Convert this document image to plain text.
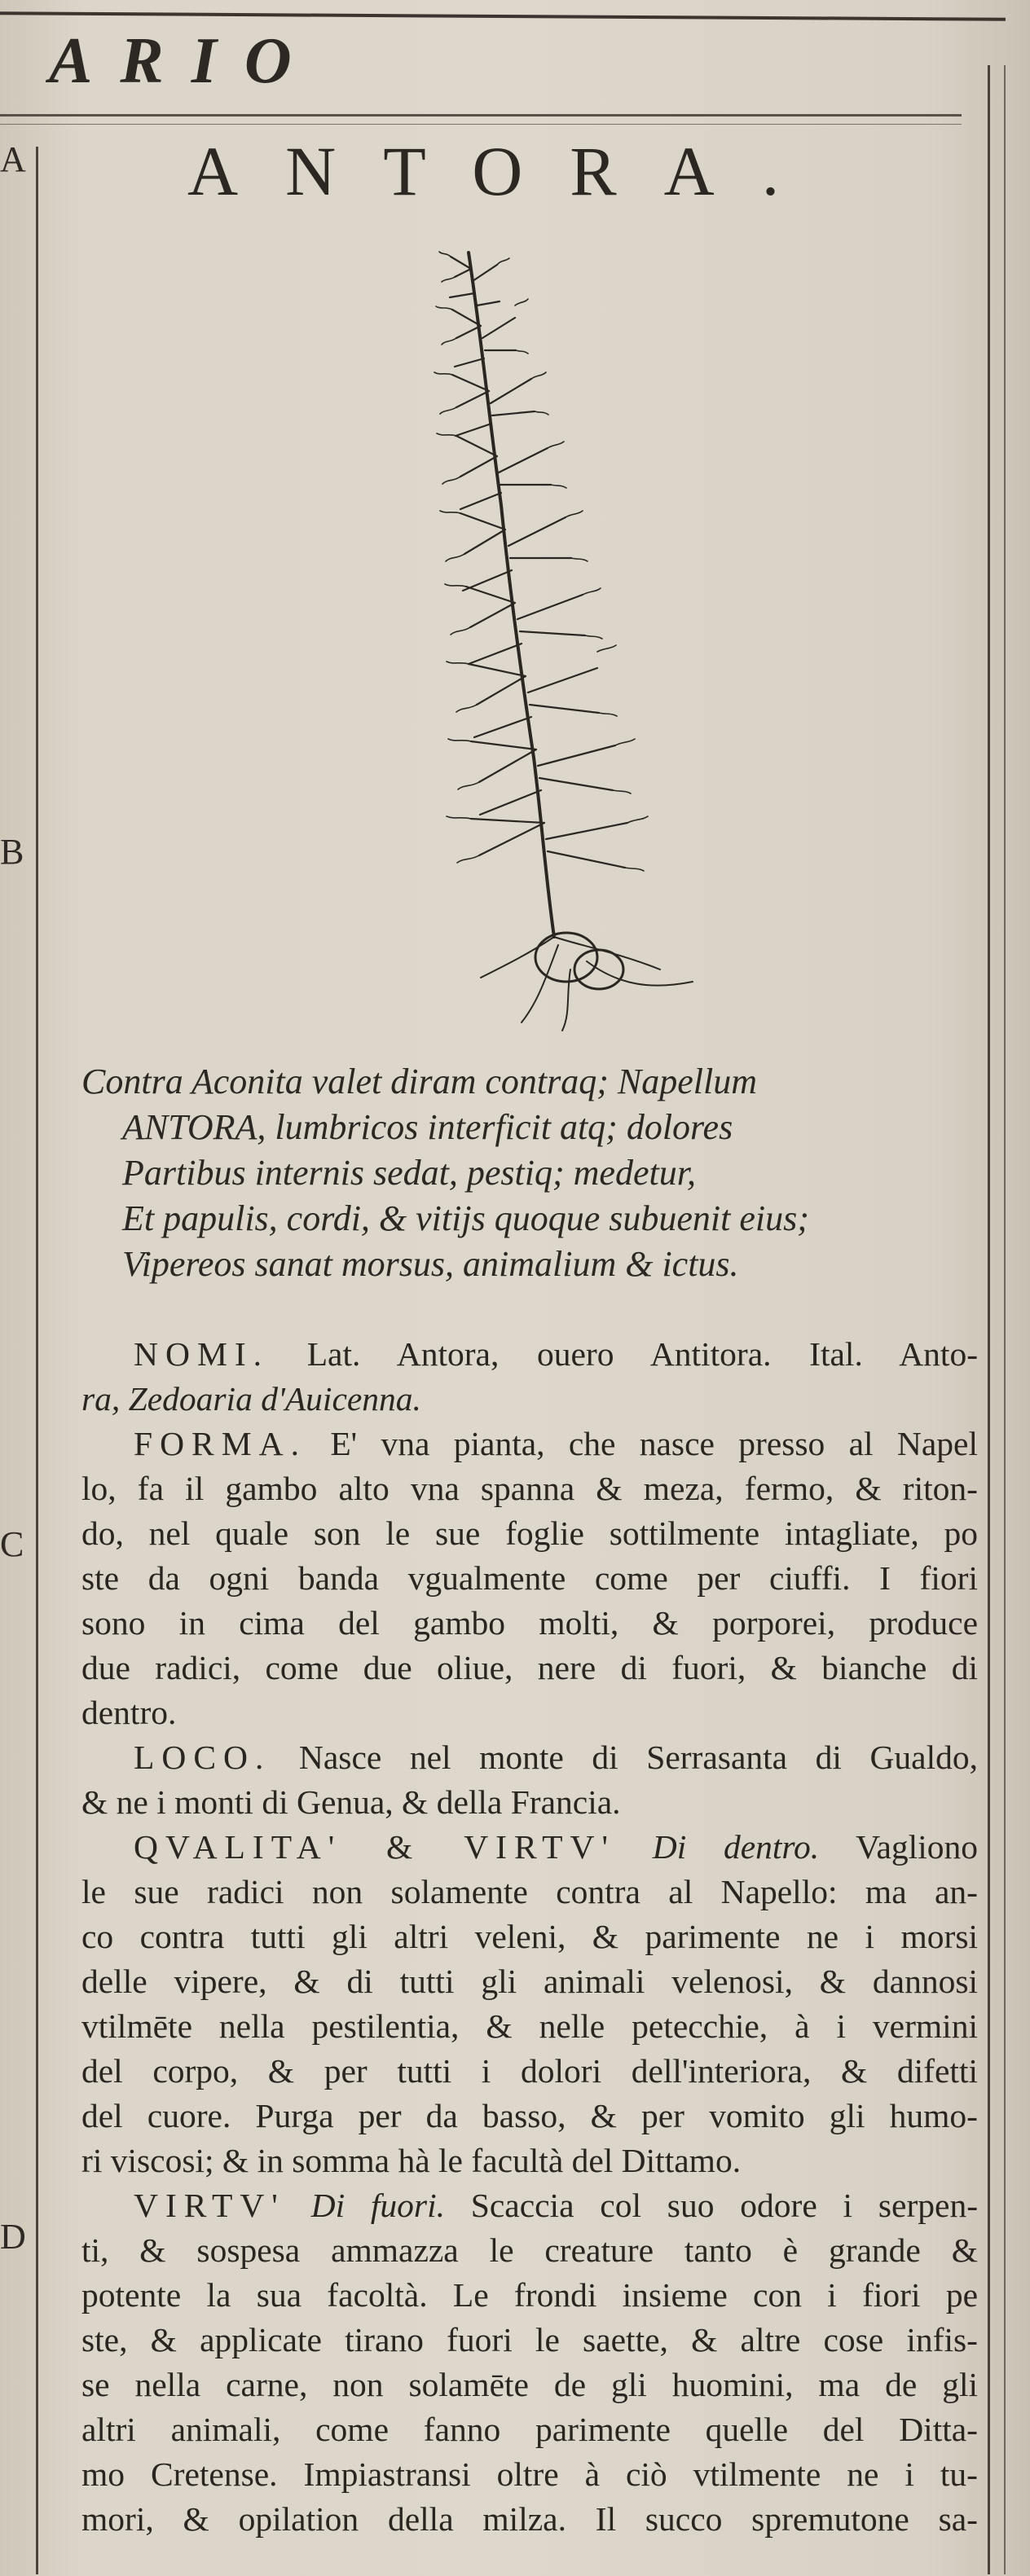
ARIO
A
B
C
D
ANTORA.
Contra Aconita valet diram contraq; Napellum
ANTORA, lumbricos interficit atq; dolores
Partibus internis sedat, pestiq; medetur,
Et papulis, cordi, & vitijs quoque subuenit eius;
Vipereos sanat morsus, animalium & ictus.
NOMI. Lat. Antora, ouero Antitora. Ital. Anto-
ra, Zedoaria d'Auicenna.
FORMA. E' vna pianta, che nasce presso al Napel
lo, fa il gambo alto vna spanna & meza, fermo, & riton-
do, nel quale son le sue foglie sottilmente intagliate, po
ste da ogni banda vgualmente come per ciuffi. I fiori
sono in cima del gambo molti, & porporei, produce
due radici, come due oliue, nere di fuori, & bianche di
dentro.
LOCO. Nasce nel monte di Serrasanta di Gualdo,
& ne i monti di Genua, & della Francia.
QVALITA' & VIRTV' Di dentro. Vagliono
le sue radici non solamente contra al Napello: ma an-
co contra tutti gli altri veleni, & parimente ne i morsi
delle vipere, & di tutti gli animali velenosi, & dannosi
vtilmēte nella pestilentia, & nelle petecchie, à i vermini
del corpo, & per tutti i dolori dell'interiora, & difetti
del cuore. Purga per da basso, & per vomito gli humo-
ri viscosi; & in somma hà le facultà del Dittamo.
VIRTV' Di fuori. Scaccia col suo odore i serpen-
ti, & sospesa ammazza le creature tanto è grande &
potente la sua facoltà. Le frondi insieme con i fiori pe
ste, & applicate tirano fuori le saette, & altre cose infis-
se nella carne, non solamēte de gli huomini, ma de gli
altri animali, come fanno parimente quelle del Ditta-
mo Cretense. Impiastransi oltre à ciò vtilmente ne i tu-
mori, & opilation della milza. Il succo spremutone sa-
